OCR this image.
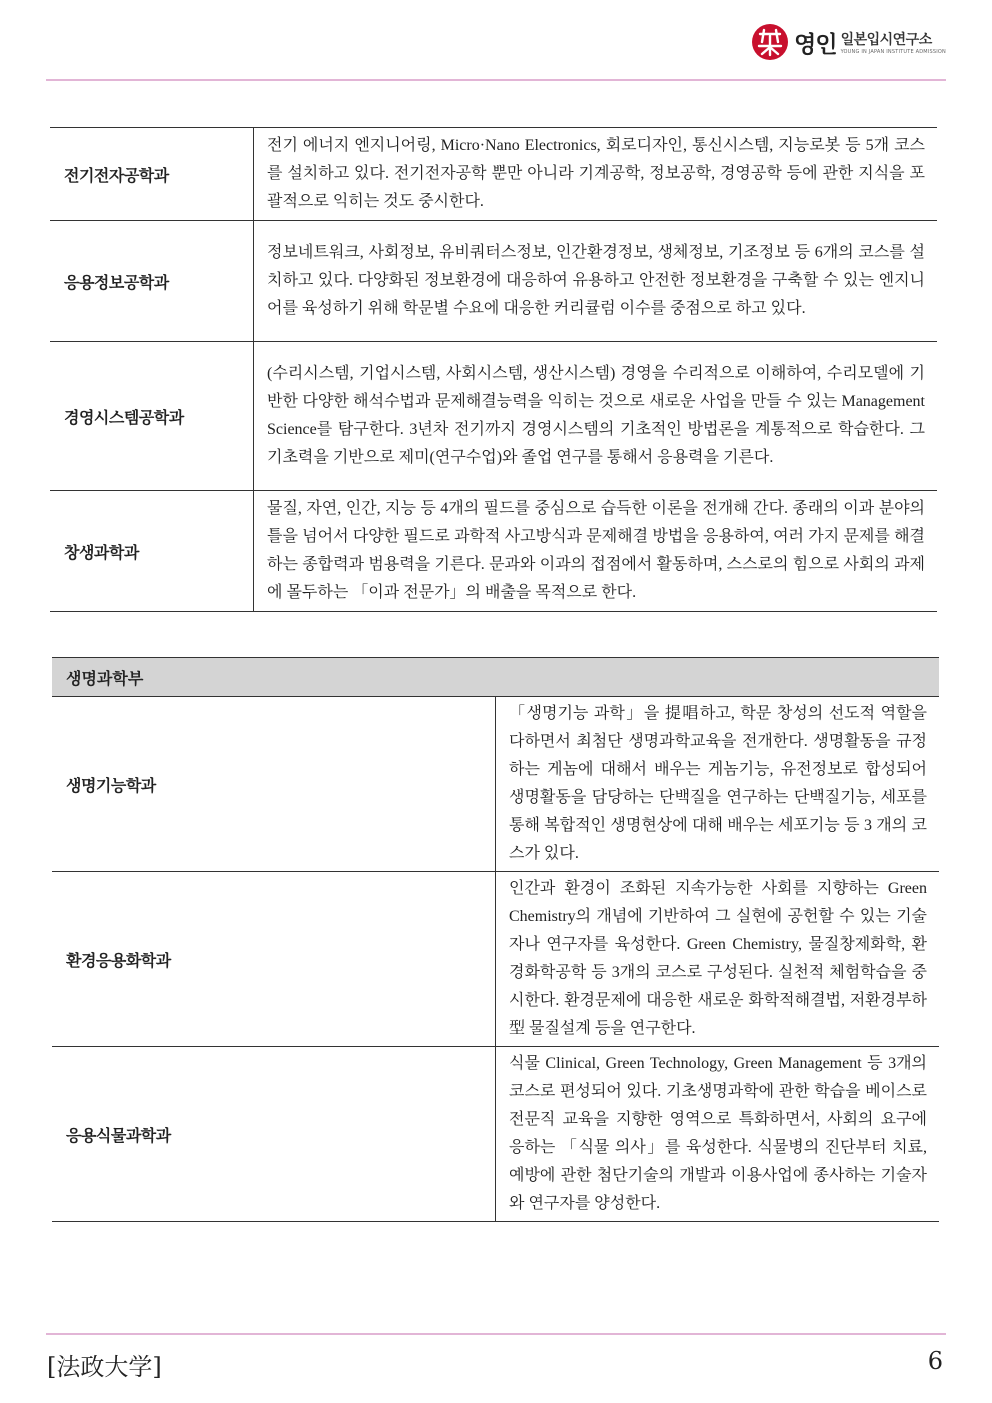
영인 일본입시연구소
YOUNG IN JAPAN INSTITUTE ADMISSION
전기전자공학과	전기 에너지 엔지니어링, Micro·Nano Electronics, 회로디자인, 통신시스템, 지능로봇 등 5개 코스를 설치하고 있다. 전기전자공학 뿐만 아니라 기계공학, 정보공학, 경영공학 등에 관한 지식을 포괄적으로 익히는 것도 중시한다.
응용정보공학과	정보네트워크, 사회정보, 유비쿼터스정보, 인간환경정보, 생체정보, 기조정보 등 6개의 코스를 설치하고 있다. 다양화된 정보환경에 대응하여 유용하고 안전한 정보환경을 구축할 수 있는 엔지니어를 육성하기 위해 학문별 수요에 대응한 커리큘럼 이수를 중점으로 하고 있다.
경영시스템공학과	(수리시스템, 기업시스템, 사회시스템, 생산시스템) 경영을 수리적으로 이해하여, 수리모델에 기반한 다양한 해석수법과 문제해결능력을 익히는 것으로 새로운 사업을 만들 수 있는 Management Science를 탐구한다. 3년차 전기까지 경영시스템의 기초적인 방법론을 계통적으로 학습한다. 그 기초력을 기반으로 제미(연구수업)와 졸업 연구를 통해서 응용력을 기른다.
창생과학과	물질, 자연, 인간, 지능 등 4개의 필드를 중심으로 습득한 이론을 전개해 간다. 종래의 이과 분야의 틀을 넘어서 다양한 필드로 과학적 사고방식과 문제해결 방법을 응용하여, 여러 가지 문제를 해결하는 종합력과 범용력을 기른다. 문과와 이과의 접점에서 활동하며, 스스로의 힘으로 사회의 과제에 몰두하는 「이과 전문가」의 배출을 목적으로 한다.
생명과학부	
생명기능학과	「생명기능 과학」을 提唱하고, 학문 창성의 선도적 역할을 다하면서 최첨단 생명과학교육을 전개한다. 생명활동을 규정하는 게놈에 대해서 배우는 게놈기능, 유전정보로 합성되어 생명활동을 담당하는 단백질을 연구하는 단백질기능, 세포를 통해 복합적인 생명현상에 대해 배우는 세포기능 등 3 개의 코스가 있다.
환경응용화학과	인간과 환경이 조화된 지속가능한 사회를 지향하는 Green Chemistry의 개념에 기반하여 그 실현에 공헌할 수 있는 기술자나 연구자를 육성한다. Green Chemistry, 물질창제화학, 환경화학공학 등 3개의 코스로 구성된다. 실천적 체험학습을 중시한다. 환경문제에 대응한 새로운 화학적해결법, 저환경부하型 물질설계 등을 연구한다.
응용식물과학과	식물 Clinical, Green Technology, Green Management 등 3개의 코스로 편성되어 있다. 기초생명과학에 관한 학습을 베이스로 전문직 교육을 지향한 영역으로 특화하면서, 사회의 요구에 응하는 「식물 의사」를 육성한다. 식물병의 진단부터 치료, 예방에 관한 첨단기술의 개발과 이용사업에 종사하는 기술자와 연구자를 양성한다.
[法政大学]	6
